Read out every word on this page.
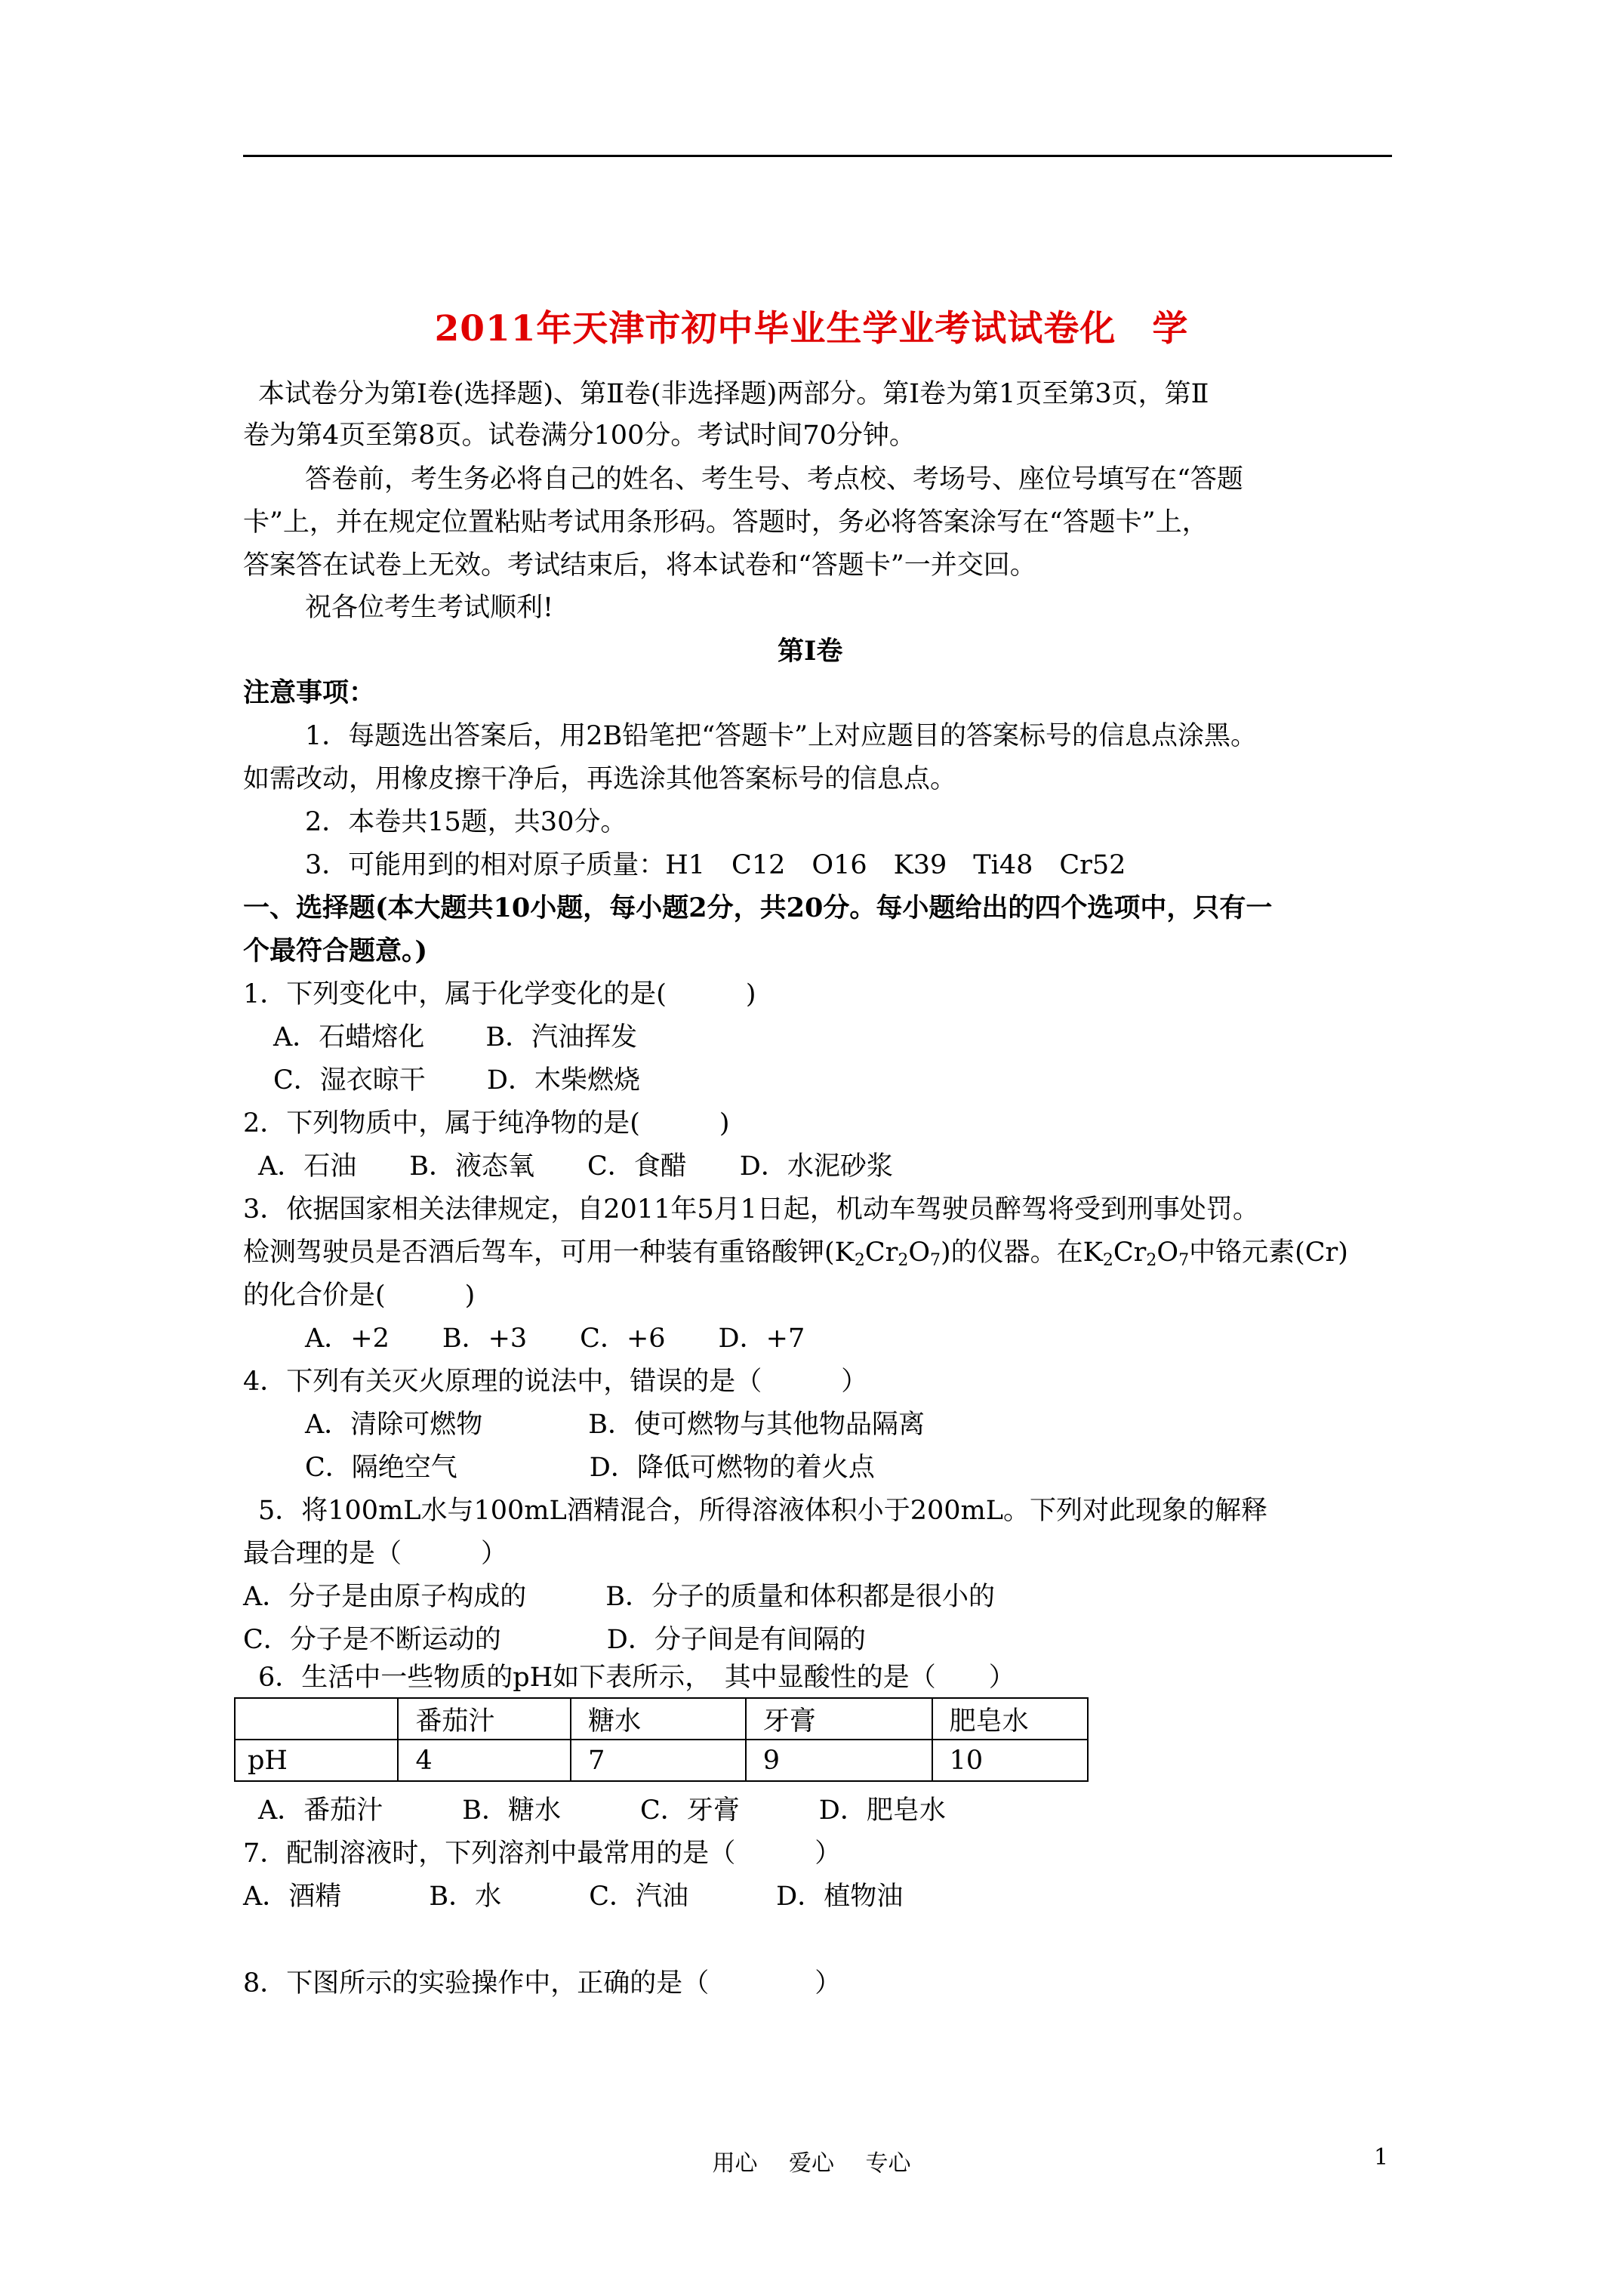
2011年天津市初中毕业生学业考试试卷化 学
本试卷分为第Ⅰ卷(选择题)、第Ⅱ卷(非选择题)两部分。第Ⅰ卷为第1页至第3页，第Ⅱ
卷为第4页至第8页。试卷满分100分。考试时间70分钟。
答卷前，考生务必将自己的姓名、考生号、考点校、考场号、座位号填写在“答题
卡”上，并在规定位置粘贴考试用条形码。答题时，务必将答案涂写在“答题卡”上，
答案答在试卷上无效。考试结束后，将本试卷和“答题卡”一并交回。
祝各位考生考试顺利!
第Ⅰ卷
注意事项：
1．每题选出答案后，用2B铅笔把“答题卡”上对应题目的答案标号的信息点涂黑。
如需改动，用橡皮擦干净后，再选涂其他答案标号的信息点。
2．本卷共15题，共30分。
3．可能用到的相对原子质量：H1　C12　O16　K39　Ti48　Cr52
一、选择题(本大题共10小题，每小题2分，共20分。每小题给出的四个选项中，只有一
个最符合题意。)
1．下列变化中，属于化学变化的是(　　　)
A．石蜡熔化　　 B．汽油挥发
C．湿衣晾干　　 D．木柴燃烧
2．下列物质中，属于纯净物的是(　　　)
A．石油　　B．液态氧　　C．食醋　　D．水泥砂浆
3．依据国家相关法律规定，自2011年5月1日起，机动车驾驶员醉驾将受到刑事处罚。
检测驾驶员是否酒后驾车，可用一种装有重铬酸钾$(K_2Cr_2O_7)$的仪器。在$K_2Cr_2O_7$中铬元素(Cr)
的化合价是(　　　)
A．+2　　B．+3　　C．+6　　D．+7
4．下列有关灭火原理的说法中，错误的是（　　　）
A．清除可燃物　　　　B．使可燃物与其他物品隔离
C．隔绝空气　　　　　D．降低可燃物的着火点
5．将100mL水与100mL酒精混合，所得溶液体积小于200mL。下列对此现象的解释
最合理的是（　　　）
A．分子是由原子构成的　　　B．分子的质量和体积都是很小的
C．分子是不断运动的　　　　D．分子间是有间隔的
6．生活中一些物质的pH如下表所示，　其中显酸性的是（　　）
	番茄汁	糖水	牙膏	肥皂水
pH	4	7	9	10
A．番茄汁　　　B．糖水　　　C．牙膏　　　D．肥皂水
7．配制溶液时，下列溶剂中最常用的是（　　　）
A．酒精　　　 B．水　　　 C．汽油　　　 D．植物油
8．下图所示的实验操作中，正确的是（　　　　）
用心 爱心 专心	1
